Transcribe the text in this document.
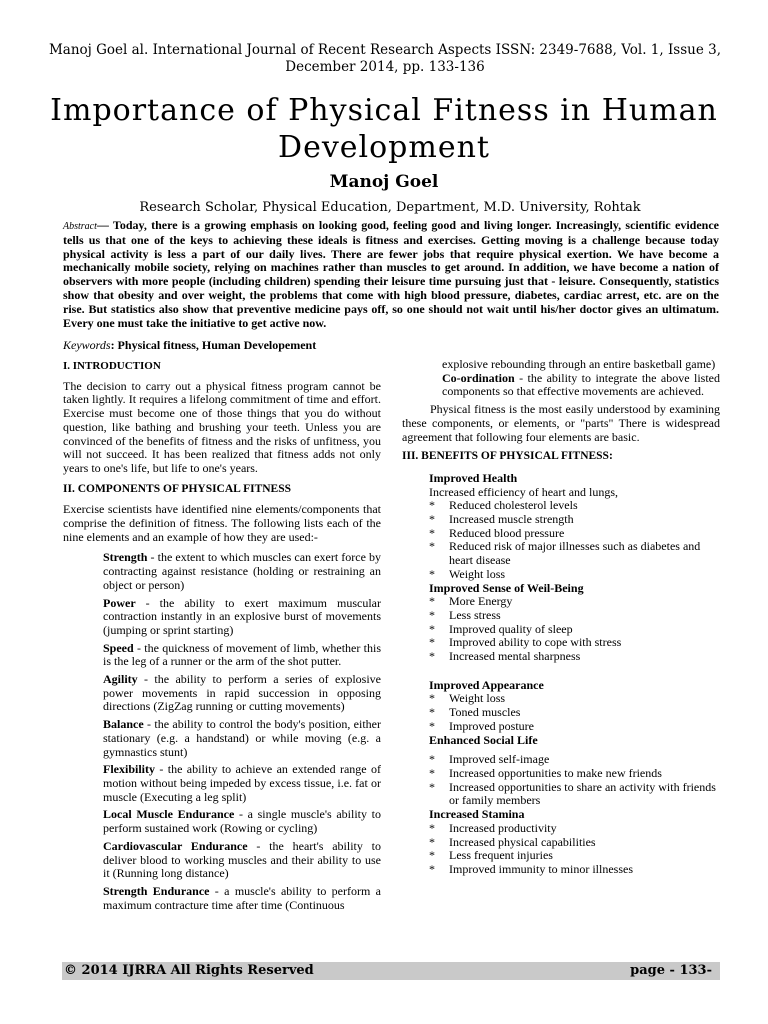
Manoj Goel al. International Journal of Recent Research Aspects ISSN: 2349-7688, Vol. 1, Issue 3,
December 2014, pp. 133-136
Importance of Physical Fitness in Human Development
Manoj Goel
Research Scholar, Physical Education, Department, M.D. University, Rohtak
Abstract— Today, there is a growing emphasis on looking good, feeling good and living longer. Increasingly, scientific evidence tells us that one of the keys to achieving these ideals is fitness and exercises. Getting moving is a challenge because today physical activity is less a part of our daily lives. There are fewer jobs that require physical exertion. We have become a mechanically mobile society, relying on machines rather than muscles to get around. In addition, we have become a nation of observers with more people (including children) spending their leisure time pursuing just that - leisure. Consequently, statistics show that obesity and over weight, the problems that come with high blood pressure, diabetes, cardiac arrest, etc. are on the rise. But statistics also show that preventive medicine pays off, so one should not wait until his/her doctor gives an ultimatum. Every one must take the initiative to get active now.
Keywords: Physical fitness, Human Developement

I. INTRODUCTION

The decision to carry out a physical fitness program cannot be taken lightly. It requires a lifelong commitment of time and effort. Exercise must become one of those things that you do without question, like bathing and brushing your teeth. Unless you are convinced of the benefits of fitness and the risks of unfitness, you will not succeed. It has been realized that fitness adds not only years to one's life, but life to one's years.

II. COMPONENTS OF PHYSICAL FITNESS

Exercise scientists have identified nine elements/components that comprise the definition of fitness. The following lists each of the nine elements and an example of how they are used:-

Strength - the extent to which muscles can exert force by contracting against resistance (holding or restraining an object or person)

Power - the ability to exert maximum muscular contraction instantly in an explosive burst of movements (jumping or sprint starting)

Speed - the quickness of movement of limb, whether this is the leg of a runner or the arm of the shot putter.

Agility - the ability to perform a series of explosive power movements in rapid succession in opposing directions (ZigZag running or cutting movements)

Balance - the ability to control the body's position, either stationary (e.g. a handstand) or while moving (e.g. a gymnastics stunt)

Flexibility - the ability to achieve an extended range of motion without being impeded by excess tissue, i.e. fat or muscle (Executing a leg split)

Local Muscle Endurance - a single muscle's ability to perform sustained work (Rowing or cycling)

Cardiovascular Endurance - the heart's ability to deliver blood to working muscles and their ability to use it (Running long distance)

Strength Endurance - a muscle's ability to perform a maximum contracture time after time (Continuous

explosive rebounding through an entire basketball game)

Co-ordination - the ability to integrate the above listed components so that effective movements are achieved.

Physical fitness is the most easily understood by examining these components, or elements, or "parts" There is widespread agreement that following four elements are basic.

III. BENEFITS OF PHYSICAL FITNESS:

Improved Health

Increased efficiency of heart and lungs,

*	Reduced cholesterol levels
*	Increased muscle strength
*	Reduced blood pressure
*	Reduced risk of major illnesses such as diabetes and heart disease
*	Weight loss

Improved Sense of Weil-Being

*	More Energy
*	Less stress
*	Improved quality of sleep
*	Improved ability to cope with stress
*	Increased mental sharpness

Improved Appearance

*	Weight loss
*	Toned muscles
*	Improved posture

Enhanced Social Life

*	Improved self-image
*	Increased opportunities to make new friends
*	Increased opportunities to share an activity with friends or family members

Increased Stamina

*	Increased productivity
*	Increased physical capabilities
*	Less frequent injuries
*	Improved immunity to minor illnesses
© 2014 IJRRA All Rights Reserved	page - 133-
